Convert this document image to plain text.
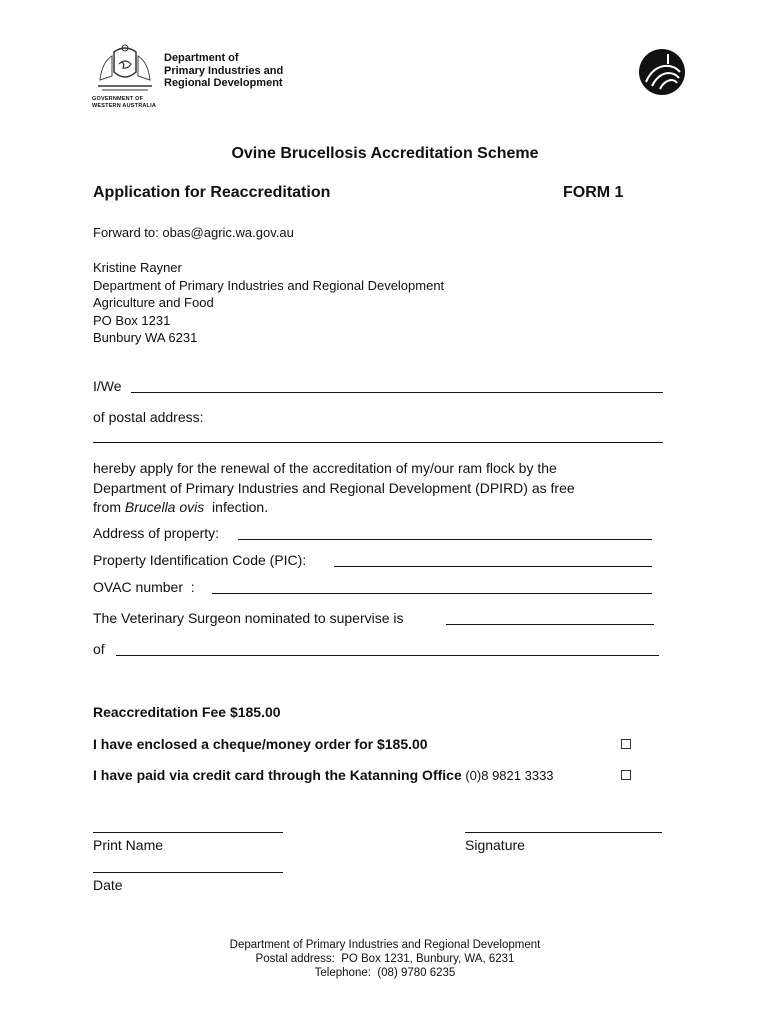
GOVERNMENT OF
WESTERN AUSTRALIA
Department of
Primary Industries and
Regional Development
Ovine Brucellosis Accreditation Scheme
Application for Reaccreditation	FORM 1
Forward to: obas@agric.wa.gov.au
Kristine Rayner
Department of Primary Industries and Regional Development
Agriculture and Food
PO Box 1231
Bunbury WA 6231
I/We
of postal address:
hereby apply for the renewal of the accreditation of my/our ram flock by the
Department of Primary Industries and Regional Development (DPIRD) as free
from Brucella ovis  infection.
Address of property:
Property Identification Code (PIC):
OVAC number  :
The Veterinary Surgeon nominated to supervise is
of
Reaccreditation Fee $185.00
I have enclosed a cheque/money order for $185.00
I have paid via credit card through the Katanning Office (0)8 9821 3333
Print Name	Signature
Date
Department of Primary Industries and Regional Development
Postal address:  PO Box 1231, Bunbury, WA, 6231
Telephone:  (08) 9780 6235
